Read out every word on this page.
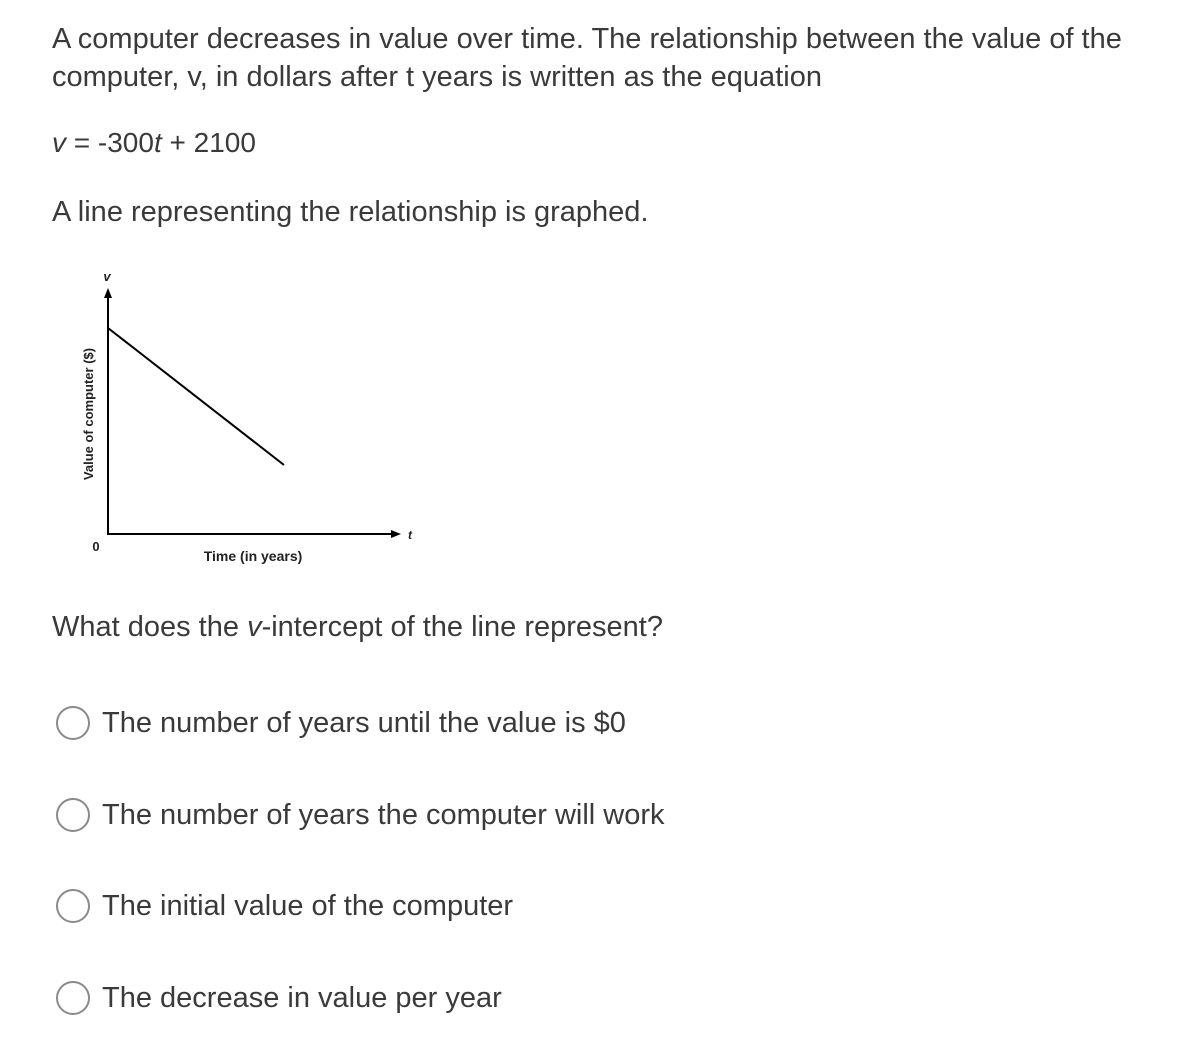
A computer decreases in value over time. The relationship between the value of the computer, v, in dollars after t years is written as the equation

v = -300t + 2100

A line representing the relationship is graphed.

v
t
0
Value of computer ($)
Time (in years)

What does the v-intercept of the line represent?

The number of years until the value is $0
The number of years the computer will work
The initial value of the computer
The decrease in value per year
